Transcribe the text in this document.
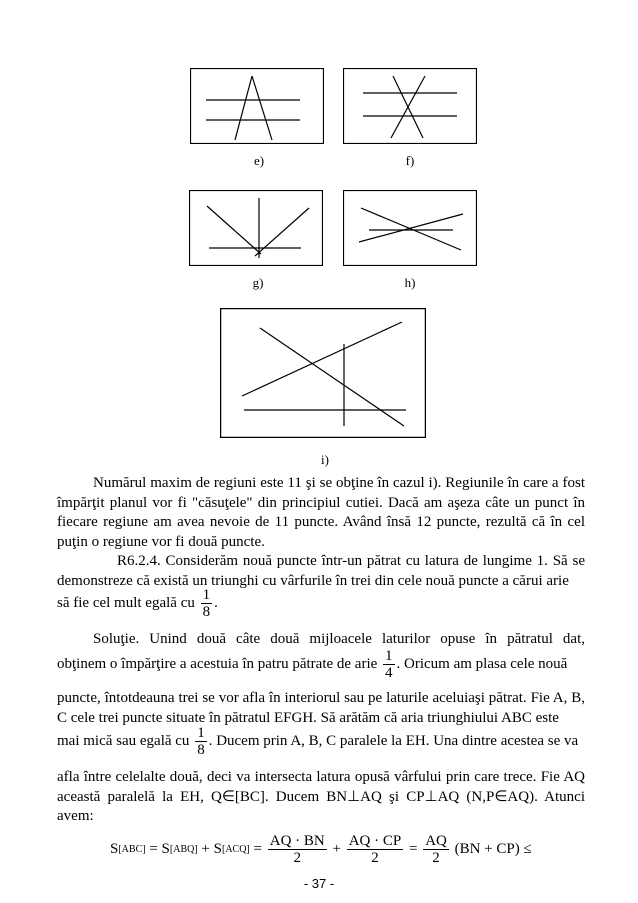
e)	f)
g)	h)
i)
Numărul maxim de regiuni este 11 şi se obţine în cazul i). Regiunile în care a fost împărţit planul vor fi "căsuţele" din principiul cutiei. Dacă am aşeza câte un punct în fiecare regiune am avea nevoie de 11 puncte. Având însă 12 puncte, rezultă că în cel puţin o regiune vor fi două puncte.
R6.2.4. Considerăm nouă puncte într-un pătrat cu latura de lungime 1. Să se demonstreze că există un triunghi cu vârfurile în trei din cele nouă puncte a cărui arie
să fie cel mult egală cu $\frac{1}{8}$ .
Soluţie. Unind două câte două mijloacele laturilor opuse în pătratul dat,
obţinem o împărţire a acestuia în patru pătrate de arie $\frac{1}{4}$ . Oricum am plasa cele nouă
puncte, întotdeauna trei se vor afla în interiorul sau pe laturile aceluiaşi pătrat. Fie A, B, C cele trei puncte situate în pătratul EFGH. Să arătăm că aria triunghiului ABC este
mai mică sau egală cu $\frac{1}{8}$ . Ducem prin A, B, C paralele la EH. Una dintre acestea se va
afla între celelalte două, deci va intersecta latura opusă vârfului prin care trece. Fie AQ această paralelă la EH, Q∈[BC]. Ducem BN⊥AQ şi CP⊥AQ (N,P∈AQ). Atunci avem:
$S[ABC] = S[ABQ] + S[ACQ] = \frac{AQ \cdot BN}{2} + \frac{AQ \cdot CP}{2} = \frac{AQ}{2} (BN + CP)$ ≤
- 37 -
